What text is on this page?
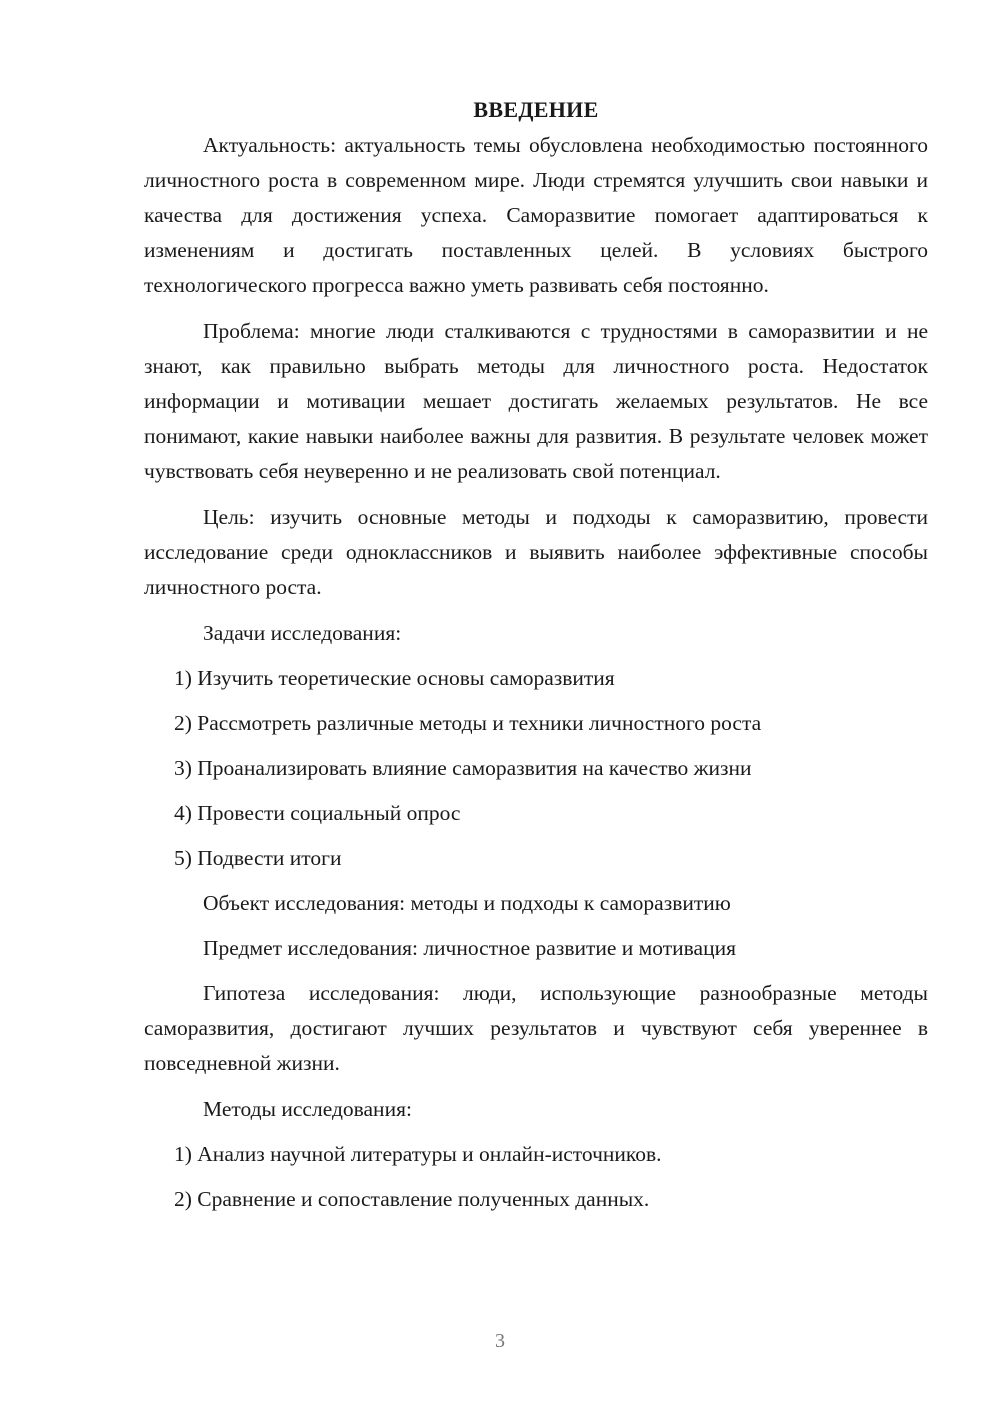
ВВЕДЕНИЕ

Актуальность: актуальность темы обусловлена необходимостью постоянного личностного роста в современном мире. Люди стремятся улучшить свои навыки и качества для достижения успеха. Саморазвитие помогает адаптироваться к изменениям и достигать поставленных целей. В условиях быстрого технологического прогресса важно уметь развивать себя постоянно.

Проблема: многие люди сталкиваются с трудностями в саморазвитии и не знают, как правильно выбрать методы для личностного роста. Недостаток информации и мотивации мешает достигать желаемых результатов. Не все понимают, какие навыки наиболее важны для развития. В результате человек может чувствовать себя неуверенно и не реализовать свой потенциал.

Цель: изучить основные методы и подходы к саморазвитию, провести исследование среди одноклассников и выявить наиболее эффективные способы личностного роста.

Задачи исследования:

1) Изучить теоретические основы саморазвития
2) Рассмотреть различные методы и техники личностного роста
3) Проанализировать влияние саморазвития на качество жизни
4) Провести социальный опрос
5) Подвести итоги

Объект исследования: методы и подходы к саморазвитию

Предмет исследования: личностное развитие и мотивация

Гипотеза исследования: люди, использующие разнообразные методы саморазвития, достигают лучших результатов и чувствуют себя увереннее в повседневной жизни.

Методы исследования:

1) Анализ научной литературы и онлайн-источников.
2) Сравнение и сопоставление полученных данных.
3
